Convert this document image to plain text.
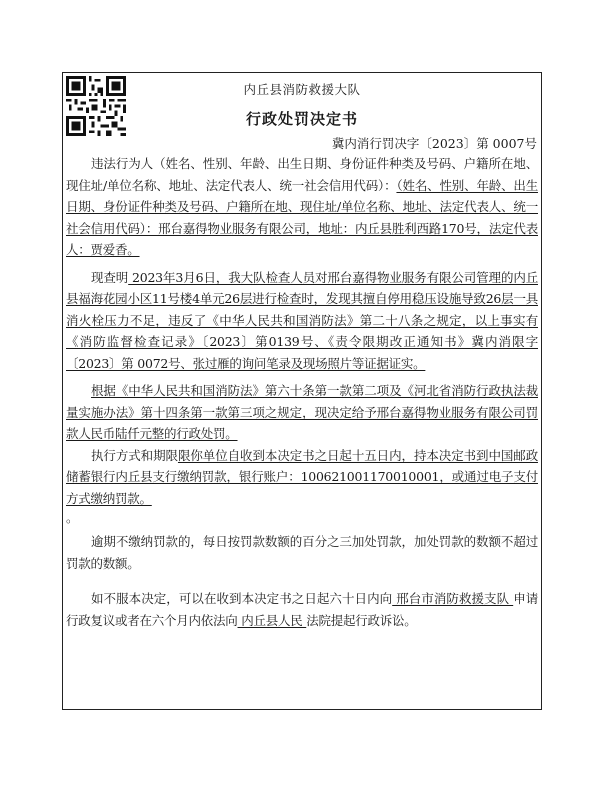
内丘县消防救援大队
行政处罚决定书
冀内消行罚决字〔2023〕第 0007号

违法行为人（姓名、性别、年龄、出生日期、身份证件种类及号码、户籍所在地、现住址/单位名称、地址、法定代表人、统一社会信用代码）：（姓名、性别、年龄、出生日期、身份证件种类及号码、户籍所在地、现住址/单位名称、地址、法定代表人、统一社会信用代码）：邢台嘉得物业服务有限公司，地址：内丘县胜利西路170号，法定代表人：贾爱香。

现查明 2023年3月6日，我大队检查人员对邢台嘉得物业服务有限公司管理的内丘县福海花园小区11号楼4单元26层进行检查时，发现其擅自停用稳压设施导致26层一具消火栓压力不足，违反了《中华人民共和国消防法》第二十八条之规定，以上事实有《消防监督检查记录》〔2023〕第0139号、《责令限期改正通知书》冀内消限字〔2023〕第 0072号、张过雁的询问笔录及现场照片等证据证实。

根据《中华人民共和国消防法》第六十条第一款第二项及《河北省消防行政执法裁量实施办法》第十四条第一款第三项之规定，现决定给予邢台嘉得物业服务有限公司罚款人民币陆仟元整的行政处罚。

执行方式和期限限你单位自收到本决定书之日起十五日内，持本决定书到中国邮政储蓄银行内丘县支行缴纳罚款，银行账户：100621001170010001，或通过电子支付方式缴纳罚款。

。

逾期不缴纳罚款的，每日按罚款数额的百分之三加处罚款，加处罚款的数额不超过罚款的数额。

如不服本决定，可以在收到本决定书之日起六十日内向 邢台市消防救援支队 申请行政复议或者在六个月内依法向 内丘县人民 法院提起行政诉讼。
